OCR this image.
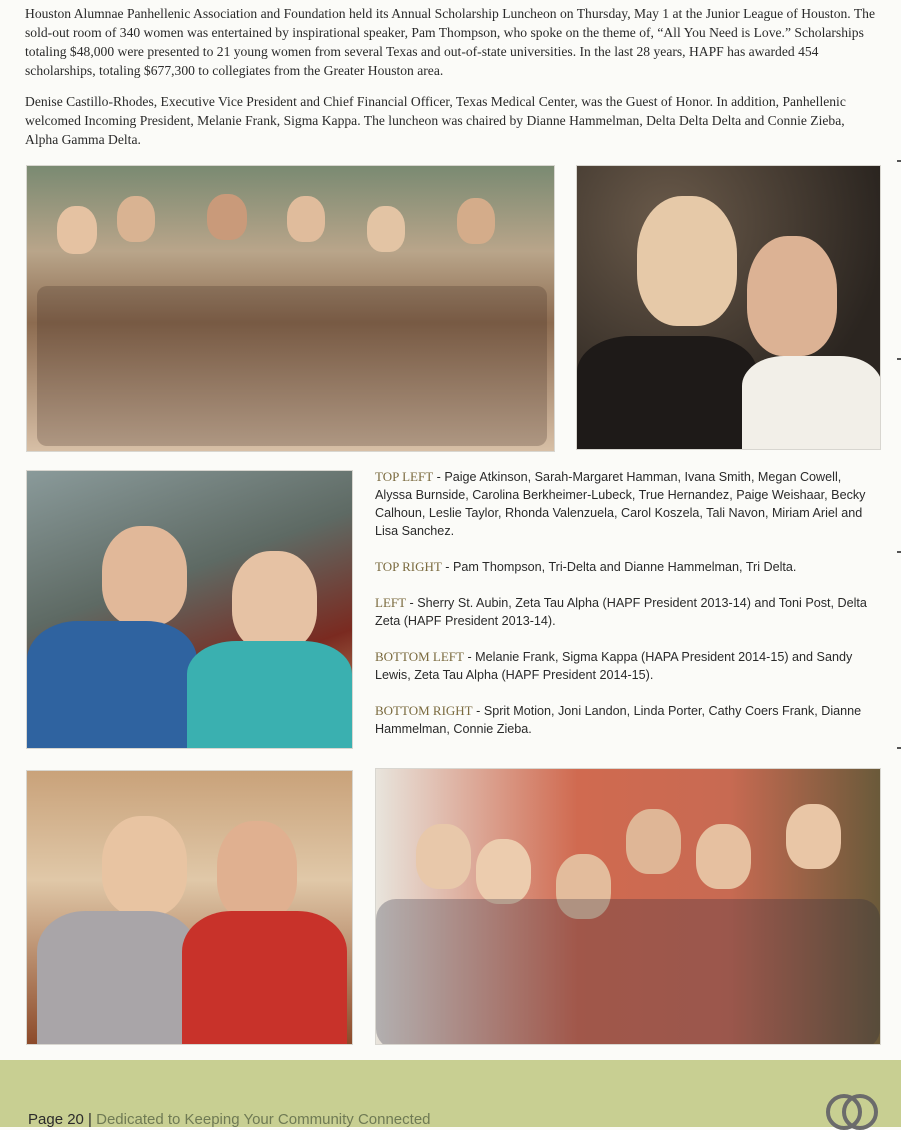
Houston Alumnae Panhellenic Association and Foundation held its Annual Scholarship Luncheon on Thursday, May 1 at the Junior League of Houston. The sold-out room of 340 women was entertained by inspirational speaker, Pam Thompson, who spoke on the theme of, “All You Need is Love.” Scholarships totaling $48,000 were presented to 21 young women from several Texas and out-of-state universities. In the last 28 years, HAPF has awarded 454 scholarships, totaling $677,300 to collegiates from the Greater Houston area.

Denise Castillo-Rhodes, Executive Vice President and Chief Financial Officer, Texas Medical Center, was the Guest of Honor. In addition, Panhellenic welcomed Incoming President, Melanie Frank, Sigma Kappa. The luncheon was chaired by Dianne Hammelman, Delta Delta Delta and Connie Zieba, Alpha Gamma Delta.

TOP LEFT - Paige Atkinson, Sarah-Margaret Hamman, Ivana Smith, Megan Cowell, Alyssa Burnside, Carolina Berkheimer-Lubeck, True Hernandez, Paige Weishaar, Becky Calhoun, Leslie Taylor, Rhonda Valenzuela, Carol Koszela, Tali Navon, Miriam Ariel and Lisa Sanchez.

TOP RIGHT - Pam Thompson, Tri-Delta and Dianne Hammelman, Tri Delta.

LEFT - Sherry St. Aubin, Zeta Tau Alpha (HAPF President 2013-14) and Toni Post, Delta Zeta (HAPF President 2013-14).

BOTTOM LEFT - Melanie Frank, Sigma Kappa (HAPA President 2014-15) and Sandy Lewis, Zeta Tau Alpha (HAPF President 2014-15).

BOTTOM RIGHT - Sprit Motion, Joni Landon, Linda Porter, Cathy Coers Frank, Dianne Hammelman, Connie Zieba.

Page 20 | Dedicated to Keeping Your Community Connected
